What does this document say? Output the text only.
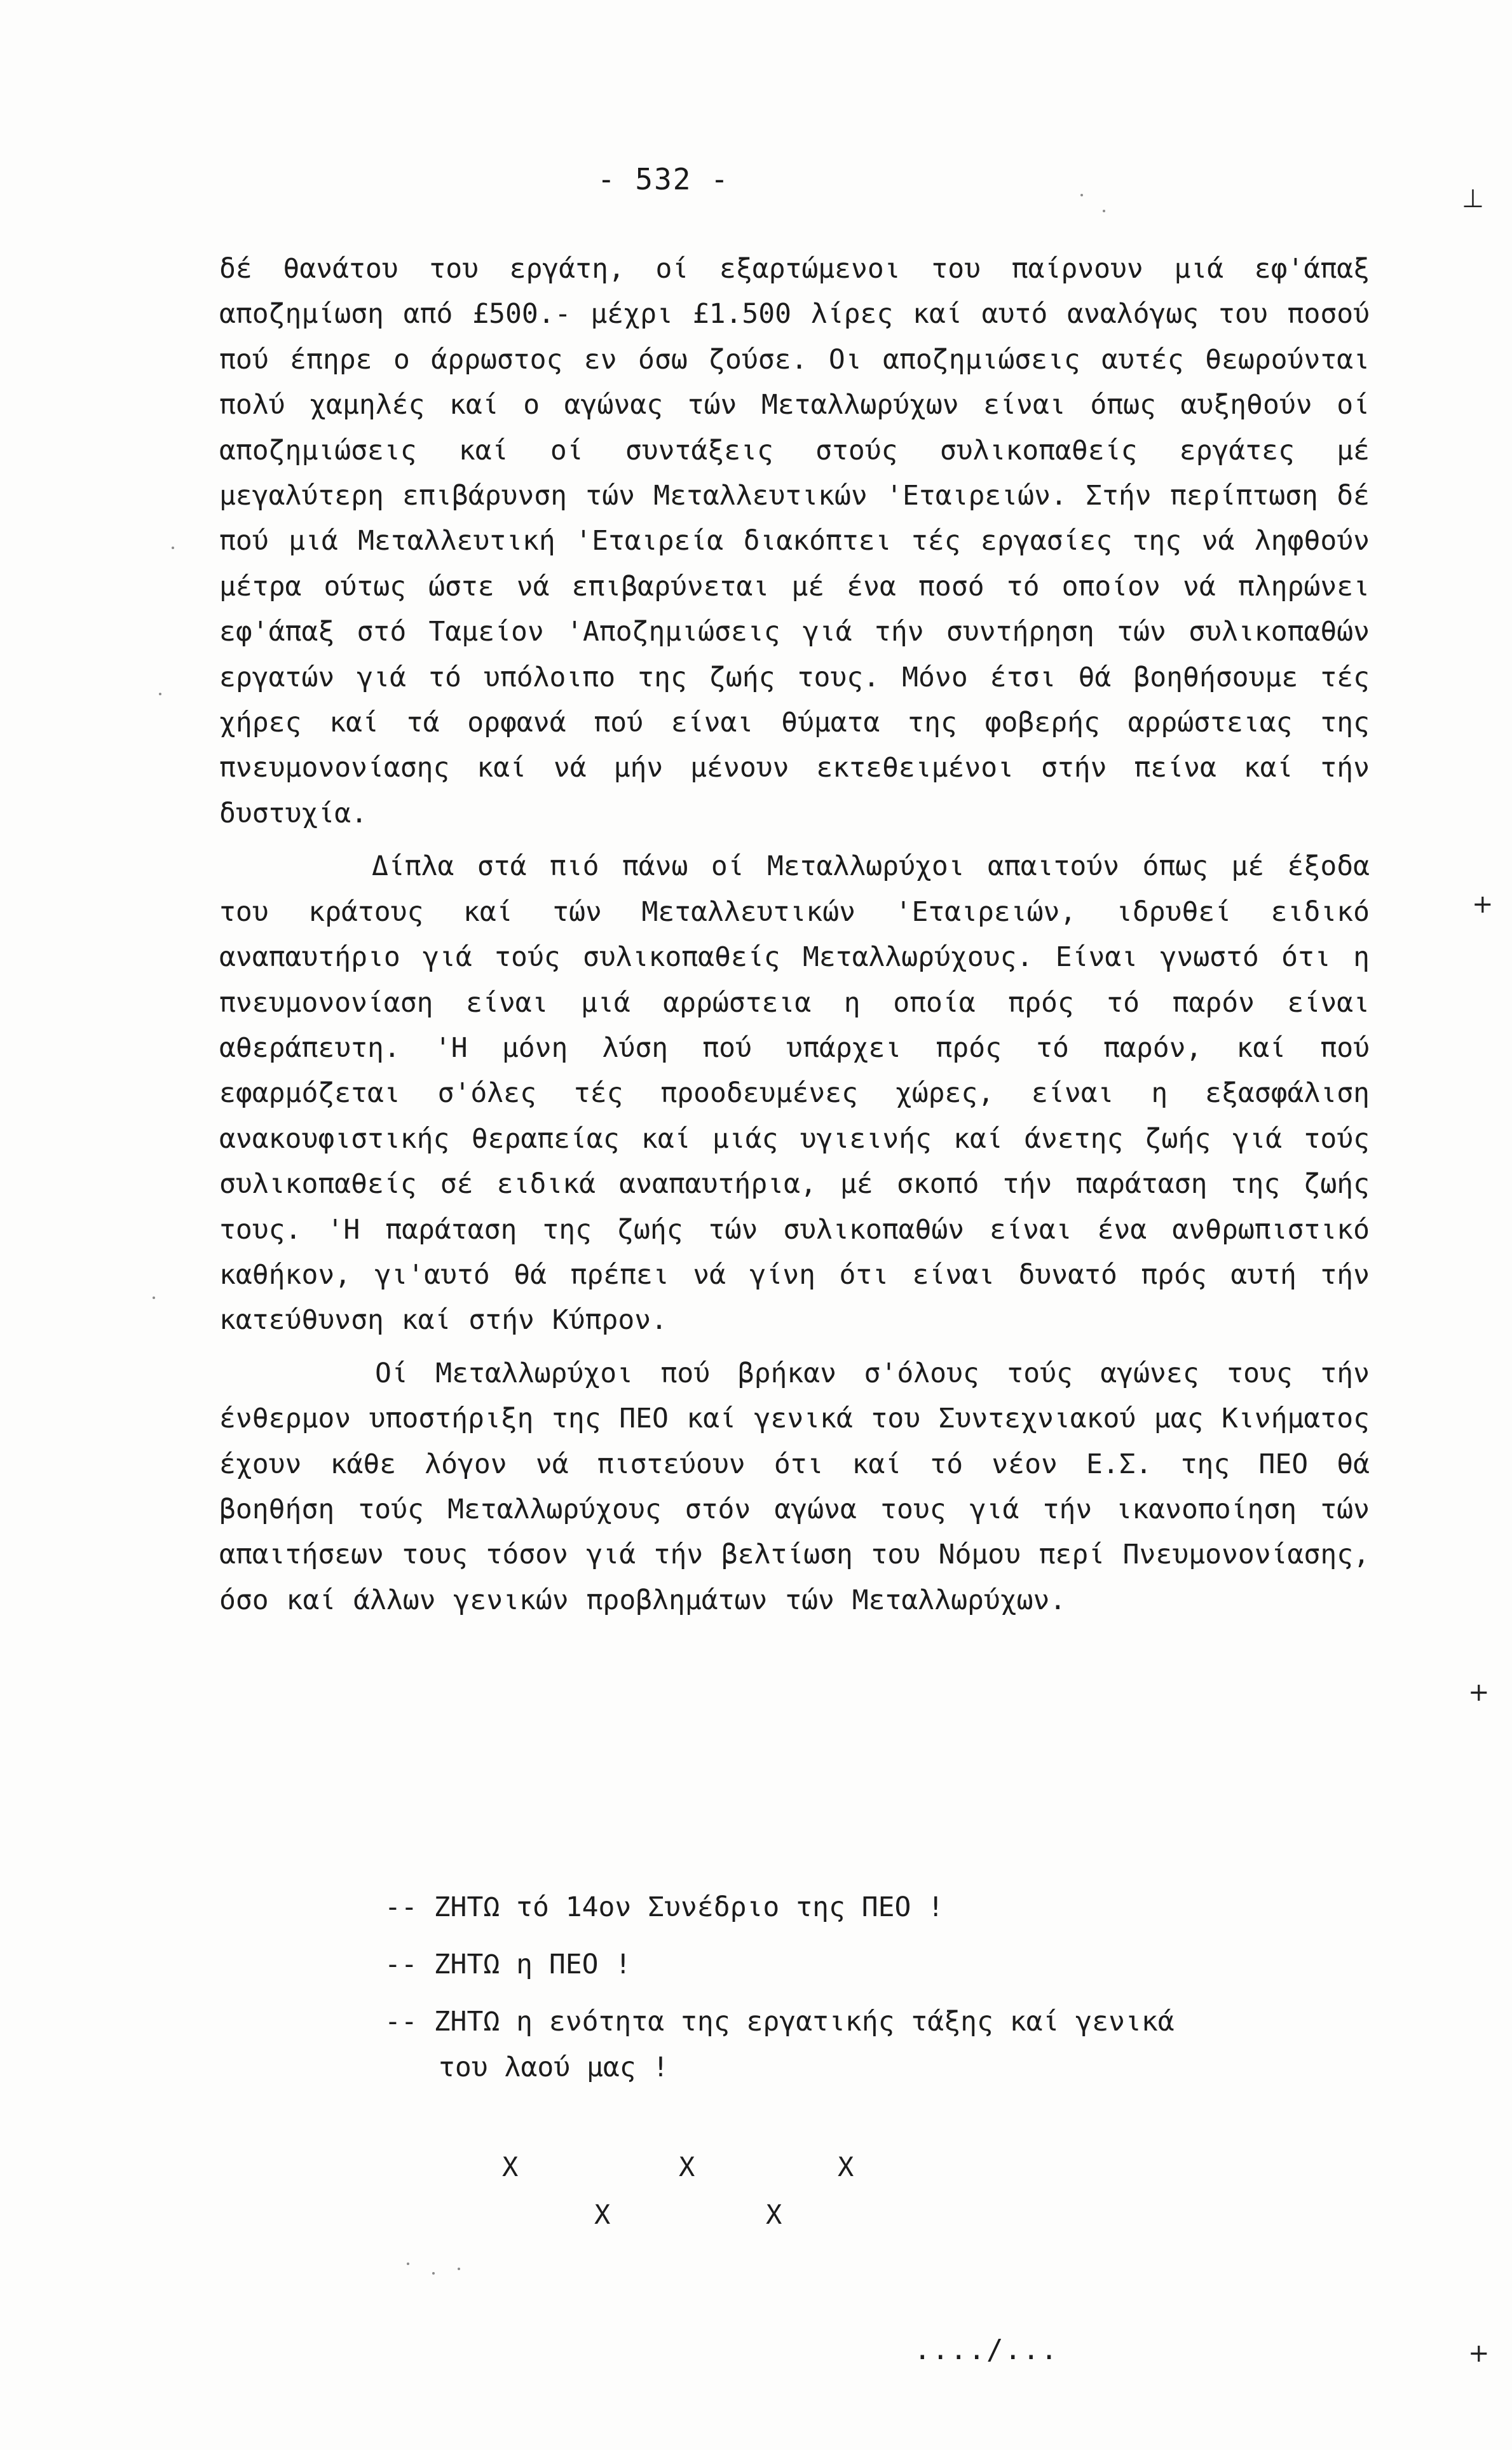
- 532 -
⊥
+
+
+

δέ θανάτου του εργάτη, οί εξαρτώμενοι του παίρνουν μιά εφ'άπαξ αποζημίωση από £500.- μέχρι £1.500 λίρες καί αυτό αναλόγως του ποσού πού έπηρε ο άρρωστος εν όσω ζούσε. Οι αποζημιώσεις αυτές θεωρούνται πολύ χαμηλές καί ο αγώνας τών Μεταλλωρύχων είναι όπως αυξηθούν οί αποζημιώσεις καί οί συντάξεις στούς συλικοπαθείς εργάτες μέ μεγαλύτερη επιβάρυνση τών Μεταλλευτικών 'Εταιρειών. Στήν περίπτωση δέ πού μιά Μεταλλευτική 'Εταιρεία διακόπτει τές εργασίες της νά ληφθούν μέτρα ούτως ώστε νά επιβαρύνεται μέ ένα ποσό τό οποίον νά πληρώνει εφ'άπαξ στό Ταμείον 'Αποζημιώσεις γιά τήν συντήρηση τών συλικοπαθών εργατών γιά τό υπόλοιπο της ζωής τους. Μόνο έτσι θά βοηθήσουμε τές χήρες καί τά ορφανά πού είναι θύματα της φοβερής αρρώστειας της πνευμονονίασης καί νά μήν μένουν εκτεθειμένοι στήν πείνα καί τήν δυστυχία.

Δίπλα στά πιό πάνω οί Μεταλλωρύχοι απαιτούν όπως μέ έξοδα του κράτους καί τών Μεταλλευτικών 'Εταιρειών, ιδρυθεί ειδικό αναπαυτήριο γιά τούς συλικοπαθείς Μεταλλωρύχους. Είναι γνωστό ότι η πνευμονονίαση είναι μιά αρρώστεια η οποία πρός τό παρόν είναι αθεράπευτη. 'Η μόνη λύση πού υπάρχει πρός τό παρόν, καί πού εφαρμόζεται σ'όλες τές προοδευμένες χώρες, είναι η εξασφάλιση ανακουφιστικής θεραπείας καί μιάς υγιεινής καί άνετης ζωής γιά τούς συλικοπαθείς σέ ειδικά αναπαυτήρια, μέ σκοπό τήν παράταση της ζωής τους. 'Η παράταση της ζωής τών συλικοπαθών είναι ένα ανθρωπιστικό καθήκον, γι'αυτό θά πρέπει νά γίνη ότι είναι δυνατό πρός αυτή τήν κατεύθυνση καί στήν Κύπρον.

Οί Μεταλλωρύχοι πού βρήκαν σ'όλους τούς αγώνες τους τήν ένθερμον υποστήριξη της ΠΕΟ καί γενικά του Συντεχνιακού μας Κινήματος έχουν κάθε λόγον νά πιστεύουν ότι καί τό νέον Ε.Σ. της ΠΕΟ θά βοηθήση τούς Μεταλλωρύχους στόν αγώνα τους γιά τήν ικανοποίηση τών απαιτήσεων τους τόσον γιά τήν βελτίωση του Νόμου περί Πνευμονονίασης, όσο καί άλλων γενικών προβλημάτων τών Μεταλλωρύχων.

-- ΖΗΤΩ τό 14ον Συνέδριο της ΠΕΟ !

-- ΖΗΤΩ η ΠΕΟ !

-- ΖΗΤΩ η ενότητα της εργατικής τάξης καί γενικά
του λαού μας !

X	X	X
X	X
..../...
